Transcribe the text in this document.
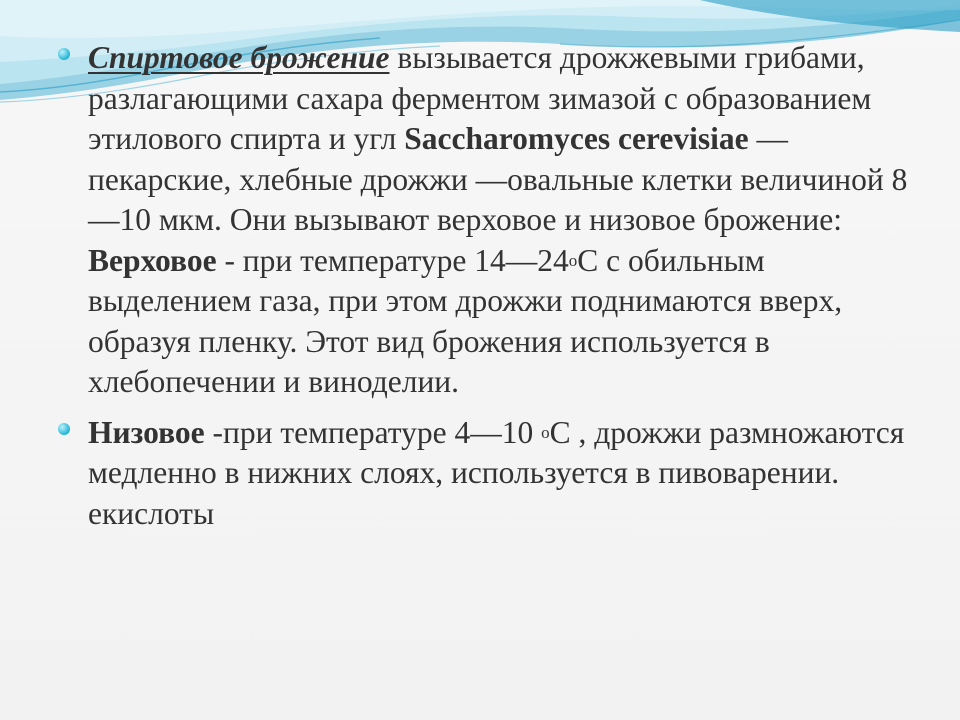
Спиртовое брожение вызывается дрожжевыми грибами, разлагающими сахара ферментом зимазой с образованием этилового спирта и угл Saccharomyces cerevisiae — пекарские, хлебные дрожжи —овальные клетки величиной 8—10 мкм. Они вызывают верховое и низовое брожение: Верховое - при температуре $14—24^оС$ с обильным выделением газа, при этом дрожжи поднимаются вверх, образуя пленку. Этот вид брожения используется в хлебопечении и виноделии.
Низовое -при температуре 4—10 $^о$С , дрожжи размножаются медленно в нижних слоях, используется в пивоварении. екислоты
